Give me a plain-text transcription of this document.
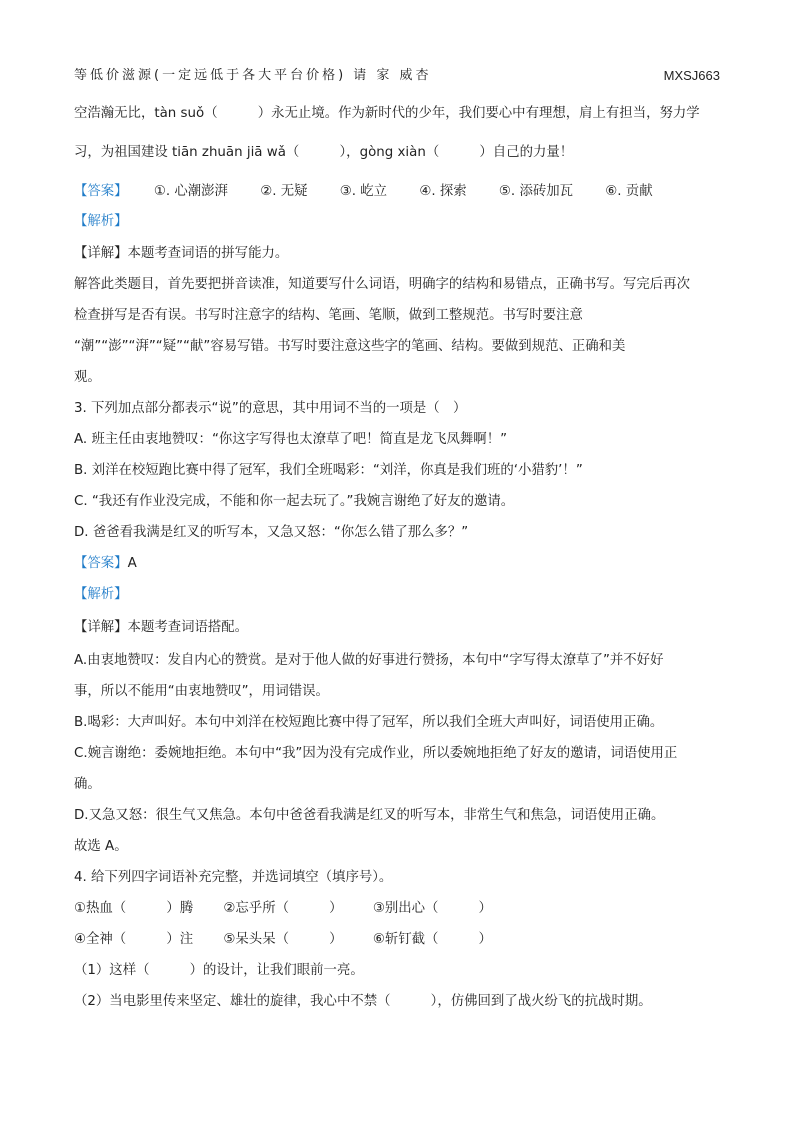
等低价滋源(一定远低于各大平台价格) 请 家 威杏	MXSJ663
空浩瀚无比，tàn suǒ（　　　）永无止境。作为新时代的少年，我们要心中有理想，肩上有担当，努力学
习，为祖国建设 tiān zhuān jiā wǎ（　　　），gòng xiàn（　　　）自己的力量！
【答案】 ①. 心潮澎湃 ②. 无疑 ③. 屹立 ④. 探索 ⑤. 添砖加瓦 ⑥. 贡献
【解析】
【详解】本题考查词语的拼写能力。
解答此类题目，首先要把拼音读准，知道要写什么词语，明确字的结构和易错点，正确书写。写完后再次
检查拼写是否有误。书写时注意字的结构、笔画、笔顺，做到工整规范。书写时要注意
“潮”“澎”“湃”“疑”“献”容易写错。书写时要注意这些字的笔画、结构。要做到规范、正确和美
观。
3. 下列加点部分都表示“说”的意思，其中用词不当的一项是（　）
A. 班主任由衷地赞叹：“你这字写得也太潦草了吧！简直是龙飞凤舞啊！”
B. 刘洋在校短跑比赛中得了冠军，我们全班喝彩：“刘洋，你真是我们班的‘小猎豹’！”
C. “我还有作业没完成，不能和你一起去玩了。”我婉言谢绝了好友的邀请。
D. 爸爸看我满是红叉的听写本，又急又怒：“你怎么错了那么多？”
【答案】A
【解析】
【详解】本题考查词语搭配。
A.由衷地赞叹：发自内心的赞赏。是对于他人做的好事进行赞扬，本句中“字写得太潦草了”并不好好
事，所以不能用“由衷地赞叹”，用词错误。
B.喝彩：大声叫好。本句中刘洋在校短跑比赛中得了冠军，所以我们全班大声叫好，词语使用正确。
C.婉言谢绝：委婉地拒绝。本句中“我”因为没有完成作业，所以委婉地拒绝了好友的邀请，词语使用正
确。
D.又急又怒：很生气又焦急。本句中爸爸看我满是红叉的听写本，非常生气和焦急，词语使用正确。
故选 A。
4. 给下列四字词语补充完整，并选词填空（填序号）。
①热血（　　　）腾 ②忘乎所（　　　） ③别出心（　　　）
④全神（　　　）注 ⑤呆头呆（　　　） ⑥斩钉截（　　　）
（1）这样（　　　）的设计，让我们眼前一亮。
（2）当电影里传来坚定、雄壮的旋律，我心中不禁（　　　），仿佛回到了战火纷飞的抗战时期。
